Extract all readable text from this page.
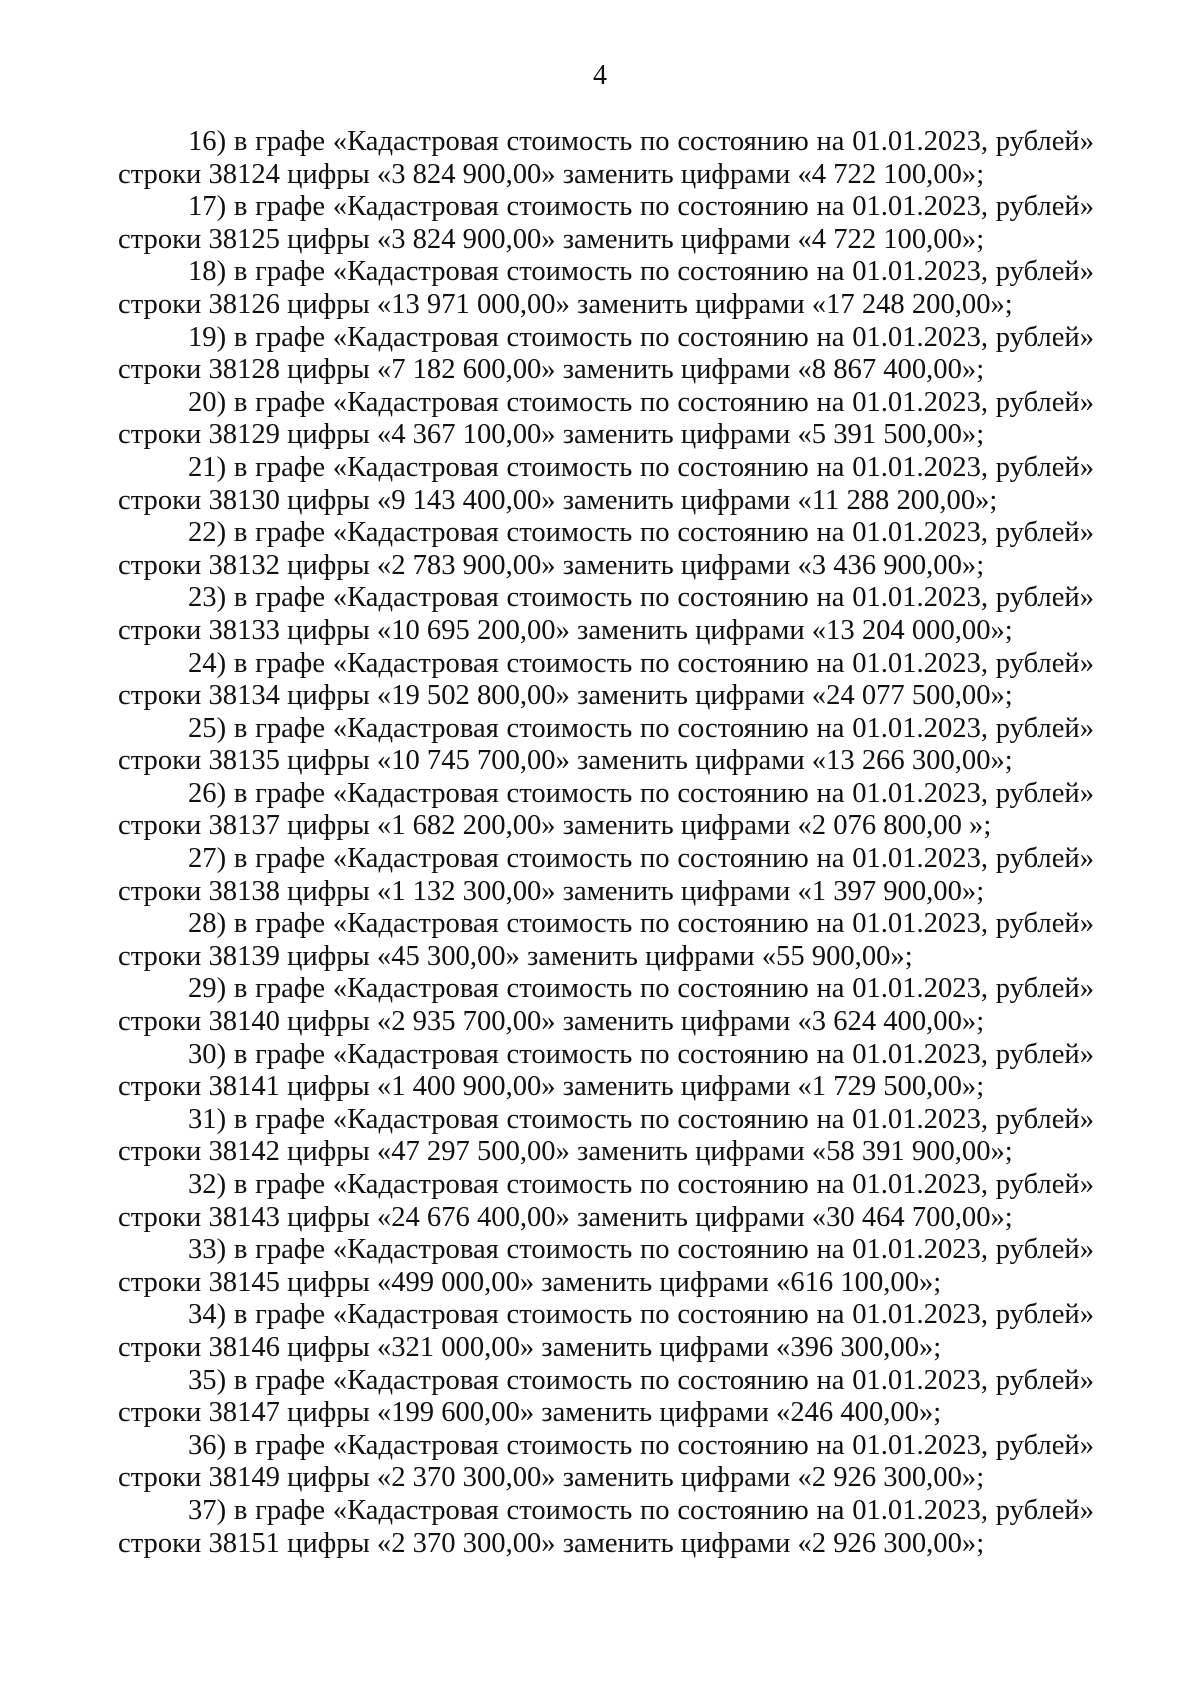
4

16) в графе «Кадастровая стоимость по состоянию на 01.01.2023, рублей»
строки 38124 цифры «3 824 900,00» заменить цифрами «4 722 100,00»;

17) в графе «Кадастровая стоимость по состоянию на 01.01.2023, рублей»
строки 38125 цифры «3 824 900,00» заменить цифрами «4 722 100,00»;

18) в графе «Кадастровая стоимость по состоянию на 01.01.2023, рублей»
строки 38126 цифры «13 971 000,00» заменить цифрами «17 248 200,00»;

19) в графе «Кадастровая стоимость по состоянию на 01.01.2023, рублей»
строки 38128 цифры «7 182 600,00» заменить цифрами «8 867 400,00»;

20) в графе «Кадастровая стоимость по состоянию на 01.01.2023, рублей»
строки 38129 цифры «4 367 100,00» заменить цифрами «5 391 500,00»;

21) в графе «Кадастровая стоимость по состоянию на 01.01.2023, рублей»
строки 38130 цифры «9 143 400,00» заменить цифрами «11 288 200,00»;

22) в графе «Кадастровая стоимость по состоянию на 01.01.2023, рублей»
строки 38132 цифры «2 783 900,00» заменить цифрами «3 436 900,00»;

23) в графе «Кадастровая стоимость по состоянию на 01.01.2023, рублей»
строки 38133 цифры «10 695 200,00» заменить цифрами «13 204 000,00»;

24) в графе «Кадастровая стоимость по состоянию на 01.01.2023, рублей»
строки 38134 цифры «19 502 800,00» заменить цифрами «24 077 500,00»;

25) в графе «Кадастровая стоимость по состоянию на 01.01.2023, рублей»
строки 38135 цифры «10 745 700,00» заменить цифрами «13 266 300,00»;

26) в графе «Кадастровая стоимость по состоянию на 01.01.2023, рублей»
строки 38137 цифры «1 682 200,00» заменить цифрами «2 076 800,00 »;

27) в графе «Кадастровая стоимость по состоянию на 01.01.2023, рублей»
строки 38138 цифры «1 132 300,00» заменить цифрами «1 397 900,00»;

28) в графе «Кадастровая стоимость по состоянию на 01.01.2023, рублей»
строки 38139 цифры «45 300,00» заменить цифрами «55 900,00»;

29) в графе «Кадастровая стоимость по состоянию на 01.01.2023, рублей»
строки 38140 цифры «2 935 700,00» заменить цифрами «3 624 400,00»;

30) в графе «Кадастровая стоимость по состоянию на 01.01.2023, рублей»
строки 38141 цифры «1 400 900,00» заменить цифрами «1 729 500,00»;

31) в графе «Кадастровая стоимость по состоянию на 01.01.2023, рублей»
строки 38142 цифры «47 297 500,00» заменить цифрами «58 391 900,00»;

32) в графе «Кадастровая стоимость по состоянию на 01.01.2023, рублей»
строки 38143 цифры «24 676 400,00» заменить цифрами «30 464 700,00»;

33) в графе «Кадастровая стоимость по состоянию на 01.01.2023, рублей»
строки 38145 цифры «499 000,00» заменить цифрами «616 100,00»;

34) в графе «Кадастровая стоимость по состоянию на 01.01.2023, рублей»
строки 38146 цифры «321 000,00» заменить цифрами «396 300,00»;

35) в графе «Кадастровая стоимость по состоянию на 01.01.2023, рублей»
строки 38147 цифры «199 600,00» заменить цифрами «246 400,00»;

36) в графе «Кадастровая стоимость по состоянию на 01.01.2023, рублей»
строки 38149 цифры «2 370 300,00» заменить цифрами «2 926 300,00»;

37) в графе «Кадастровая стоимость по состоянию на 01.01.2023, рублей»
строки 38151 цифры «2 370 300,00» заменить цифрами «2 926 300,00»;
